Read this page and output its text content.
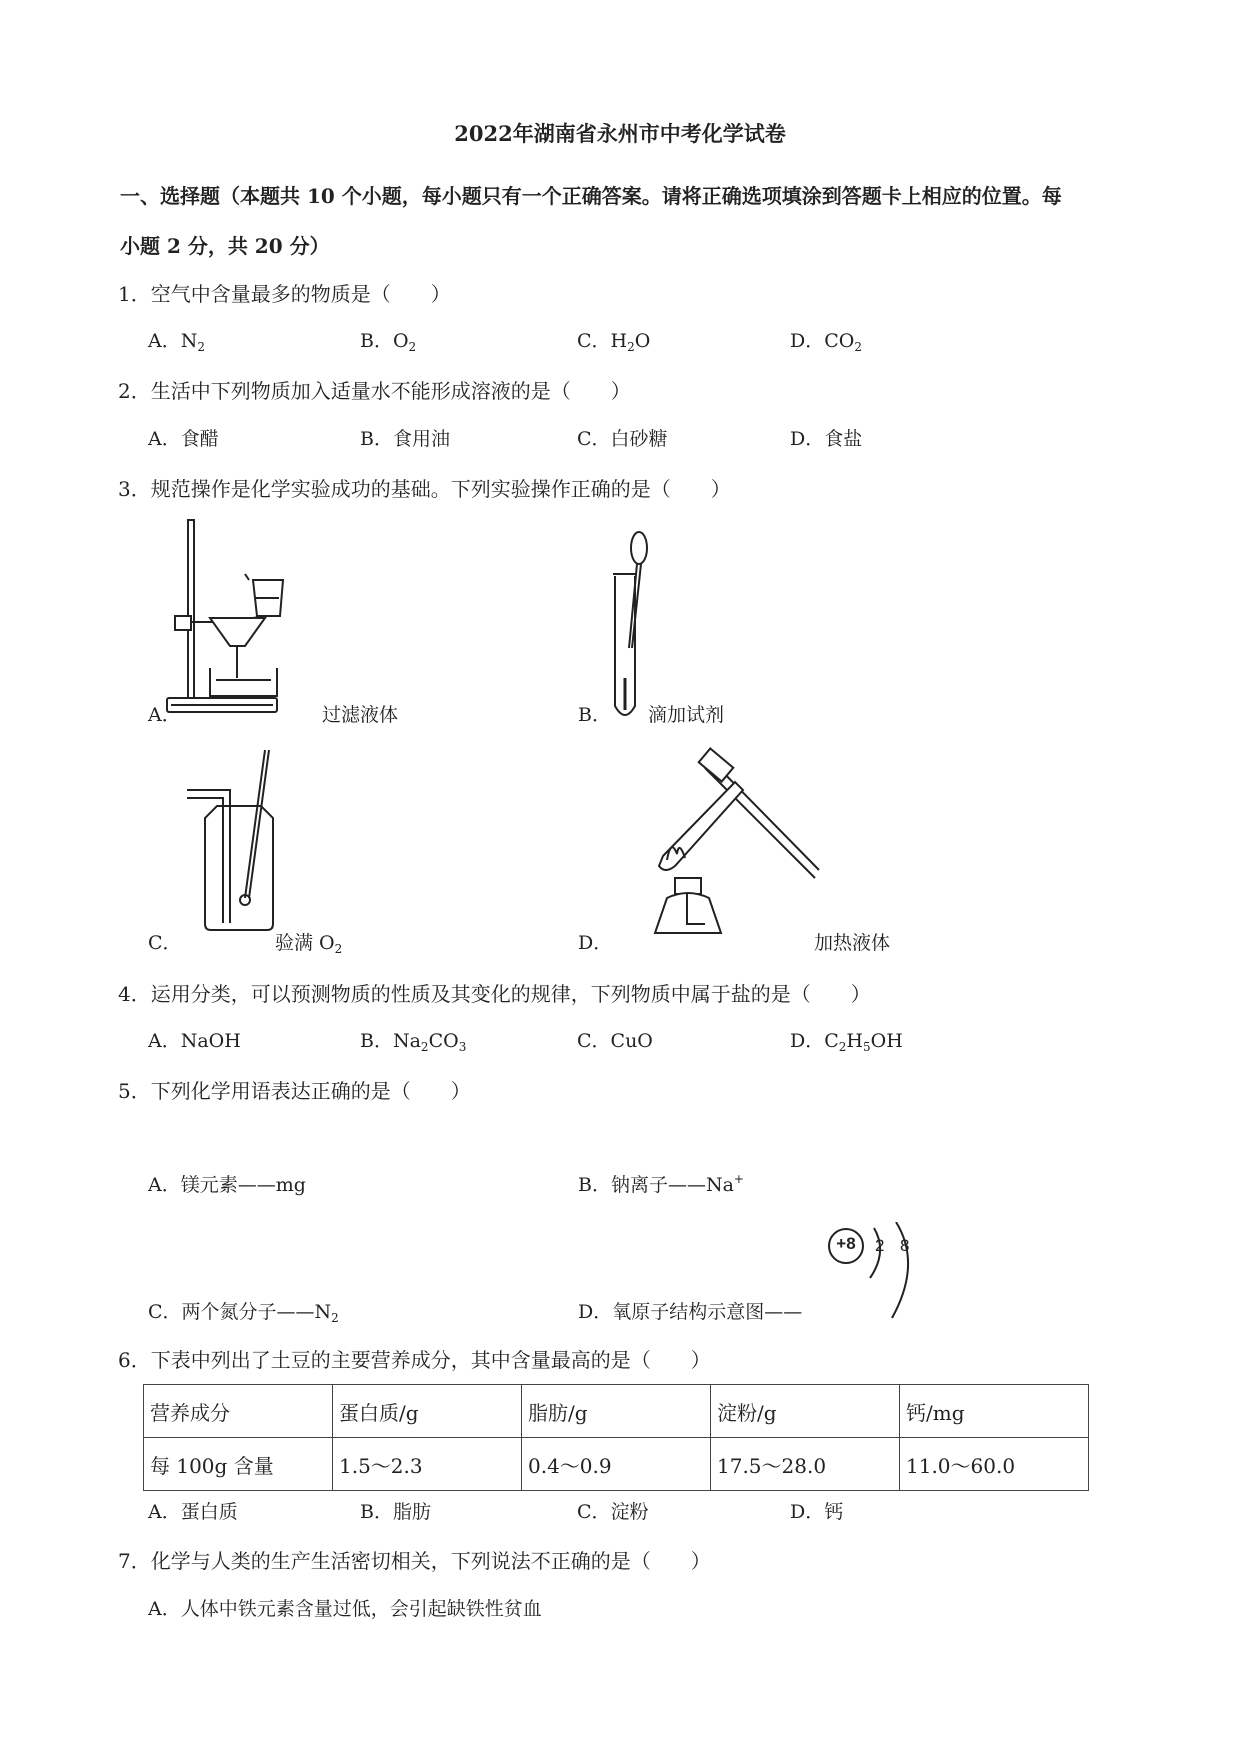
2022年湖南省永州市中考化学试卷
一、选择题（本题共 10 个小题，每小题只有一个正确答案。请将正确选项填涂到答题卡上相应的位置。每
小题 2 分，共 20 分）
1．空气中含量最多的物质是（　　）
A．$N_2$	B．$O_2$	C．$H_2O$	D．$CO_2$
2．生活中下列物质加入适量水不能形成溶液的是（　　）
A．食醋	B．食用油	C．白砂糖	D．食盐
3．规范操作是化学实验成功的基础。下列实验操作正确的是（　　）
A．	过滤液体	B． 滴加试剂
C．	验满 $O_2$	D．	加热液体
4．运用分类，可以预测物质的性质及其变化的规律，下列物质中属于盐的是（　　）
A．NaOH	B．$Na_2CO_3$	C．CuO	D．$C_2H_5OH$
5．下列化学用语表达正确的是（　　）
A．镁元素——mg	B．钠离子——Na+
C．两个氮分子$——N_2$	D．氧原子结构示意图——
+8	2 8
6．下表中列出了土豆的主要营养成分，其中含量最高的是（　　）
营养成分	蛋白质/g	脂肪/g	淀粉/g	钙/mg
每 100g 含量	1.5～2.3	0.4～0.9	17.5～28.0	11.0～60.0
A．蛋白质	B．脂肪	C．淀粉	D．钙
7．化学与人类的生产生活密切相关，下列说法不正确的是（　　）
A．人体中铁元素含量过低，会引起缺铁性贫血
